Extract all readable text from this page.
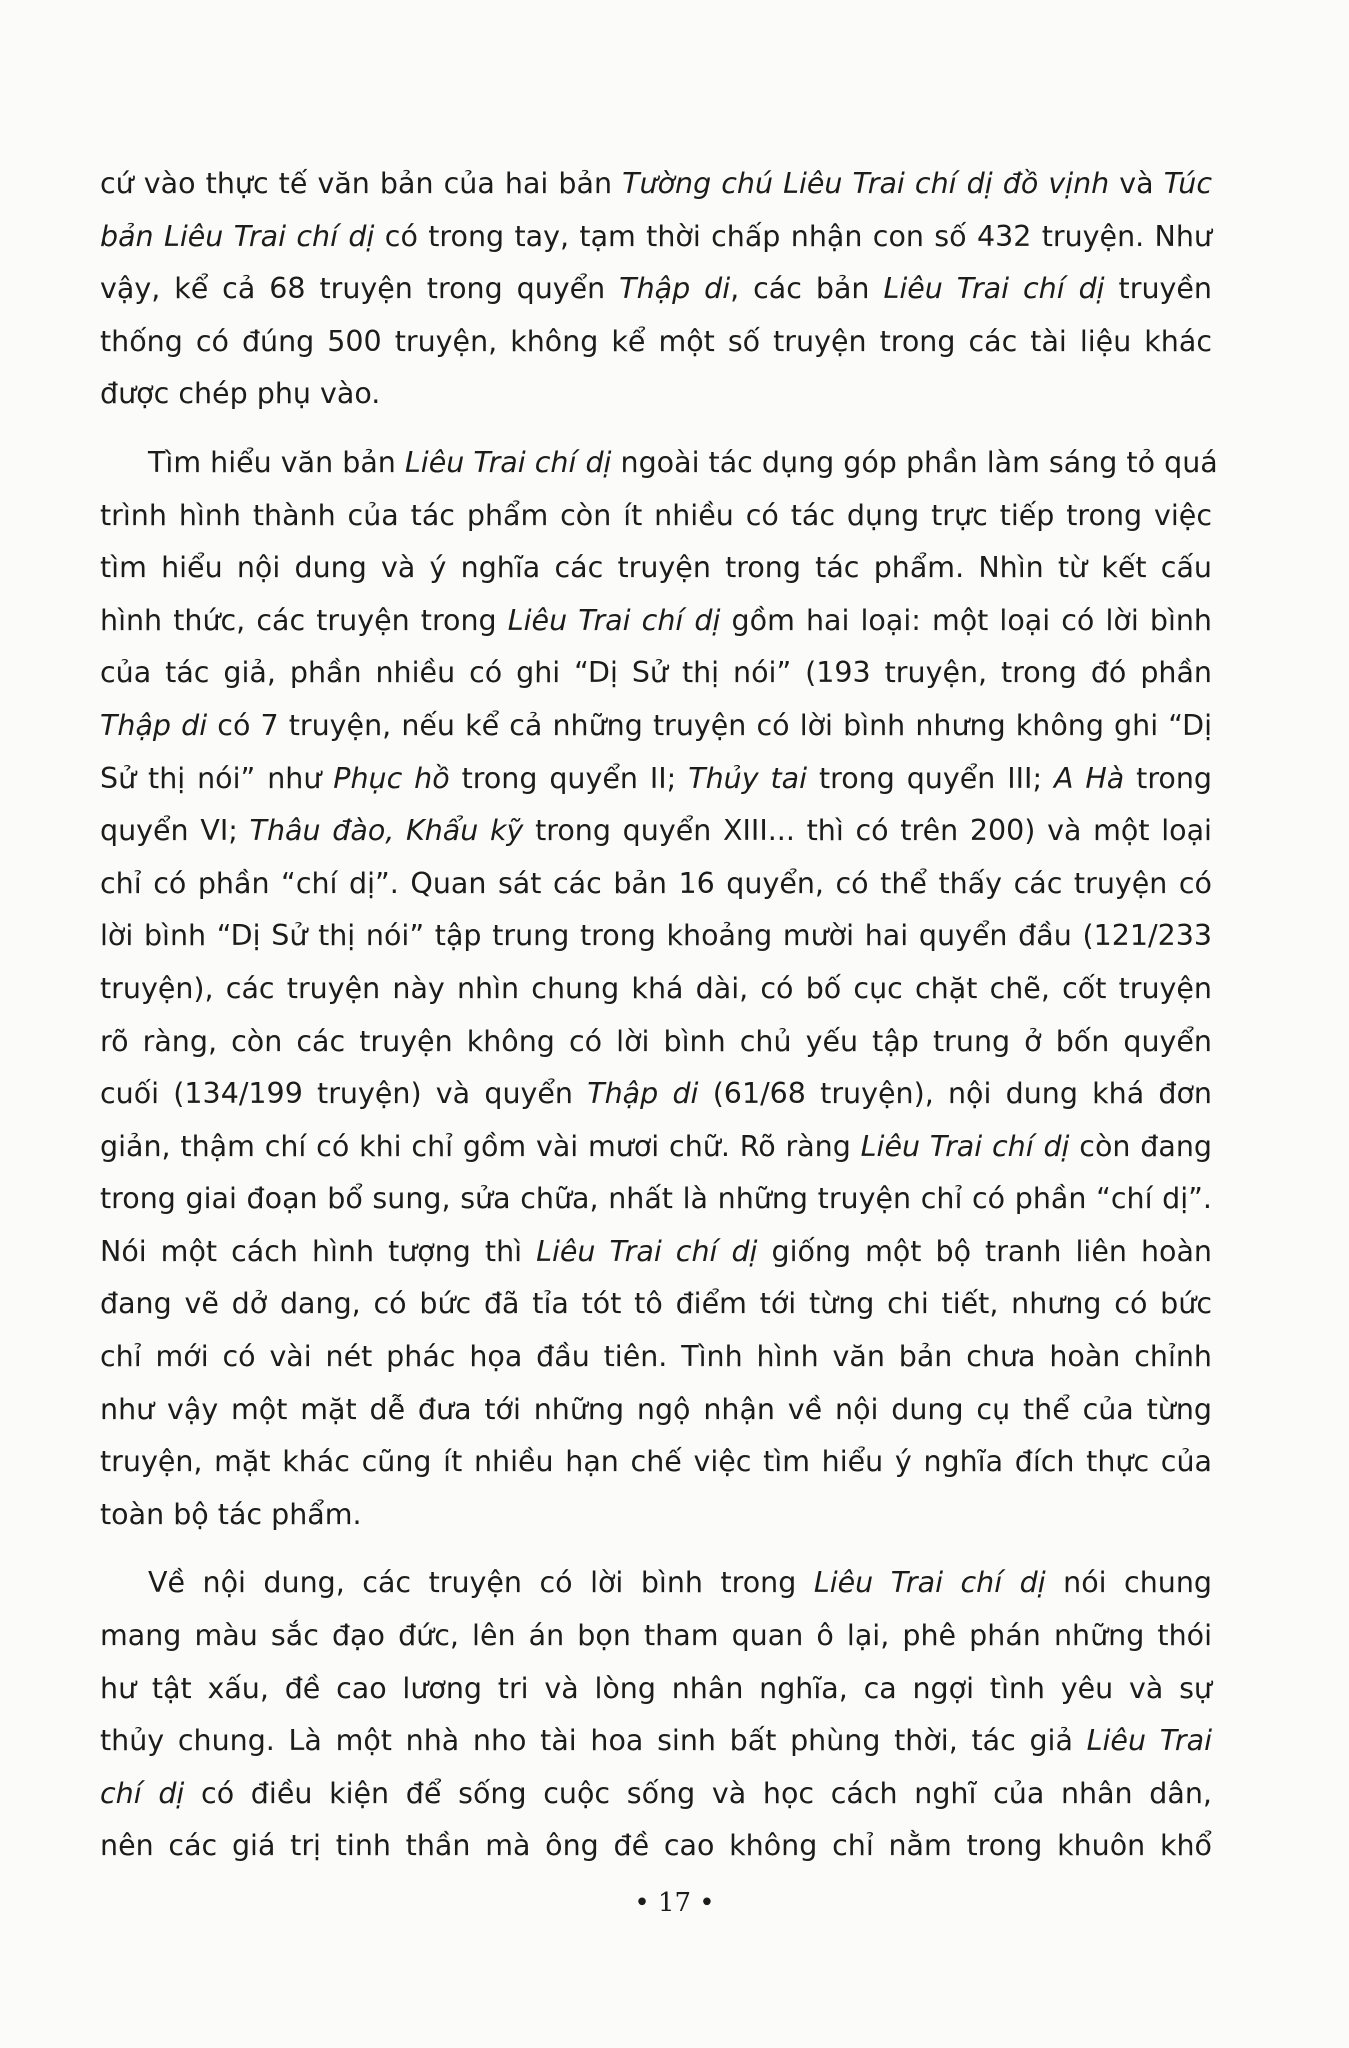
cứ vào thực tế văn bản của hai bản Tường chú Liêu Trai chí dị đồ vịnh và Túc
bản Liêu Trai chí dị có trong tay, tạm thời chấp nhận con số 432 truyện. Như
vậy, kể cả 68 truyện trong quyển Thập di, các bản Liêu Trai chí dị truyền
thống có đúng 500 truyện, không kể một số truyện trong các tài liệu khác
được chép phụ vào.
Tìm hiểu văn bản Liêu Trai chí dị ngoài tác dụng góp phần làm sáng tỏ quá
trình hình thành của tác phẩm còn ít nhiều có tác dụng trực tiếp trong việc
tìm hiểu nội dung và ý nghĩa các truyện trong tác phẩm. Nhìn từ kết cấu
hình thức, các truyện trong Liêu Trai chí dị gồm hai loại: một loại có lời bình
của tác giả, phần nhiều có ghi “Dị Sử thị nói” (193 truyện, trong đó phần
Thập di có 7 truyện, nếu kể cả những truyện có lời bình nhưng không ghi “Dị
Sử thị nói” như Phục hồ trong quyển II; Thủy tai trong quyển III; A Hà trong
quyển VI; Thâu đào, Khẩu kỹ trong quyển XIII... thì có trên 200) và một loại
chỉ có phần “chí dị”. Quan sát các bản 16 quyển, có thể thấy các truyện có
lời bình “Dị Sử thị nói” tập trung trong khoảng mười hai quyển đầu (121/233
truyện), các truyện này nhìn chung khá dài, có bố cục chặt chẽ, cốt truyện
rõ ràng, còn các truyện không có lời bình chủ yếu tập trung ở bốn quyển
cuối (134/199 truyện) và quyển Thập di (61/68 truyện), nội dung khá đơn
giản, thậm chí có khi chỉ gồm vài mươi chữ. Rõ ràng Liêu Trai chí dị còn đang
trong giai đoạn bổ sung, sửa chữa, nhất là những truyện chỉ có phần “chí dị”.
Nói một cách hình tượng thì Liêu Trai chí dị giống một bộ tranh liên hoàn
đang vẽ dở dang, có bức đã tỉa tót tô điểm tới từng chi tiết, nhưng có bức
chỉ mới có vài nét phác họa đầu tiên. Tình hình văn bản chưa hoàn chỉnh
như vậy một mặt dễ đưa tới những ngộ nhận về nội dung cụ thể của từng
truyện, mặt khác cũng ít nhiều hạn chế việc tìm hiểu ý nghĩa đích thực của
toàn bộ tác phẩm.
Về nội dung, các truyện có lời bình trong Liêu Trai chí dị nói chung
mang màu sắc đạo đức, lên án bọn tham quan ô lại, phê phán những thói
hư tật xấu, đề cao lương tri và lòng nhân nghĩa, ca ngợi tình yêu và sự
thủy chung. Là một nhà nho tài hoa sinh bất phùng thời, tác giả Liêu Trai
chí dị có điều kiện để sống cuộc sống và học cách nghĩ của nhân dân,
nên các giá trị tinh thần mà ông đề cao không chỉ nằm trong khuôn khổ
• 17 •
